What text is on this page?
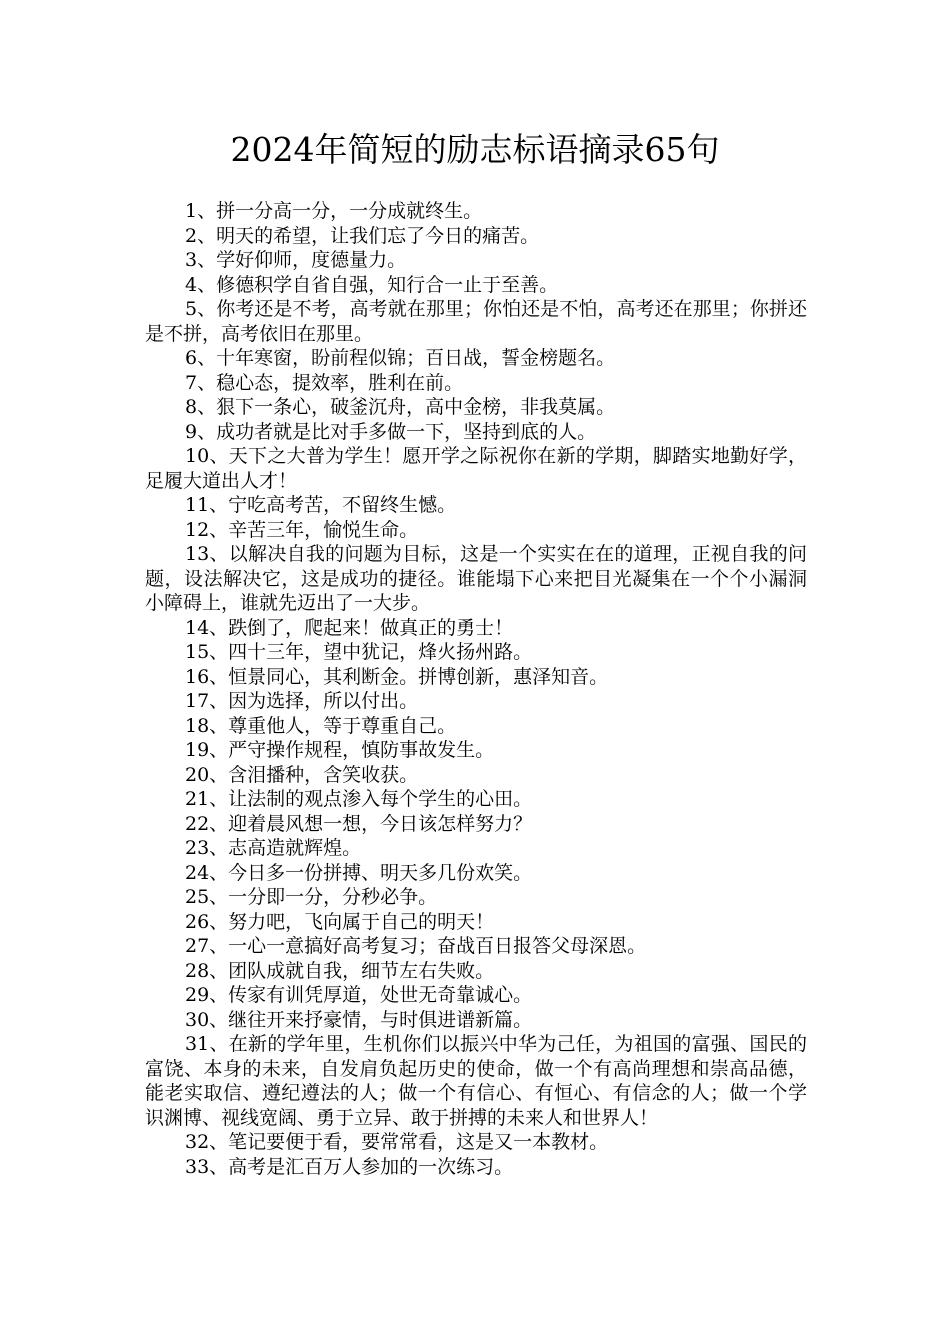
2024年简短的励志标语摘录65句

1、拼一分高一分，一分成就终生。

2、明天的希望，让我们忘了今日的痛苦。

3、学好仰师，度德量力。

4、修德积学自省自强，知行合一止于至善。

5、你考还是不考，高考就在那里；你怕还是不怕，高考还在那里；你拼还是不拼，高考依旧在那里。

6、十年寒窗，盼前程似锦；百日战，誓金榜题名。

7、稳心态，提效率，胜利在前。

8、狠下一条心，破釜沉舟，高中金榜，非我莫属。

9、成功者就是比对手多做一下，坚持到底的人。

10、天下之大普为学生！愿开学之际祝你在新的学期，脚踏实地勤好学，足履大道出人才！

11、宁吃高考苦，不留终生憾。

12、辛苦三年，愉悦生命。

13、以解决自我的问题为目标，这是一个实实在在的道理，正视自我的问题，设法解决它，这是成功的捷径。谁能塌下心来把目光凝集在一个个小漏洞小障碍上，谁就先迈出了一大步。

14、跌倒了，爬起来！做真正的勇士！

15、四十三年，望中犹记，烽火扬州路。

16、恒景同心，其利断金。拼博创新，惠泽知音。

17、因为选择，所以付出。

18、尊重他人，等于尊重自己。

19、严守操作规程，慎防事故发生。

20、含泪播种，含笑收获。

21、让法制的观点渗入每个学生的心田。

22、迎着晨风想一想，今日该怎样努力？

23、志高造就辉煌。

24、今日多一份拼搏、明天多几份欢笑。

25、一分即一分，分秒必争。

26、努力吧，飞向属于自己的明天！

27、一心一意搞好高考复习；奋战百日报答父母深恩。

28、团队成就自我，细节左右失败。

29、传家有训凭厚道，处世无奇靠诚心。

30、继往开来抒豪情，与时俱进谱新篇。

31、在新的学年里，生机你们以振兴中华为己任，为祖国的富强、国民的富饶、本身的未来，自发肩负起历史的使命，做一个有高尚理想和崇高品德，能老实取信、遵纪遵法的人；做一个有信心、有恒心、有信念的人；做一个学识渊博、视线宽阔、勇于立异、敢于拼搏的未来人和世界人！

32、笔记要便于看，要常常看，这是又一本教材。

33、高考是汇百万人参加的一次练习。
